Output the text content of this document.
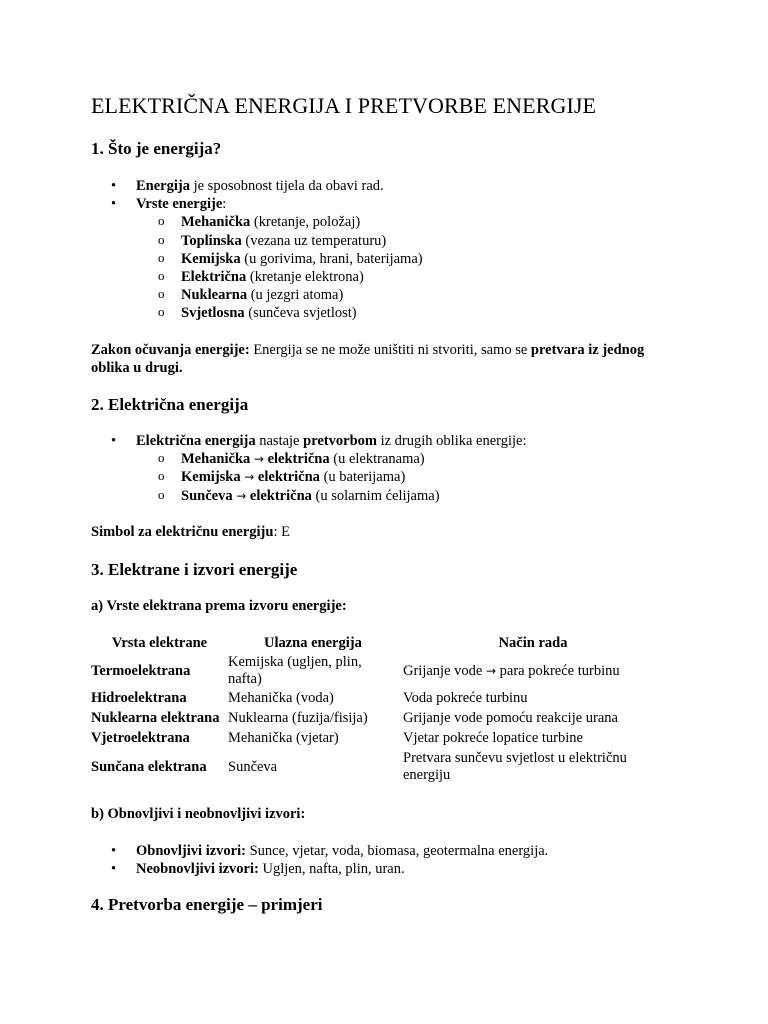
ELEKTRIČNA ENERGIJA I PRETVORBE ENERGIJE
1. Što je energija?
• Energija je sposobnost tijela da obavi rad.
• Vrste energije:
o Mehanička (kretanje, položaj)
o Toplinska (vezana uz temperaturu)
o Kemijska (u gorivima, hrani, baterijama)
o Električna (kretanje elektrona)
o Nuklearna (u jezgri atoma)
o Svjetlosna (sunčeva svjetlost)

Zakon očuvanja energije: Energija se ne može uništiti ni stvoriti, samo se pretvara iz jednog oblika u drugi.

2. Električna energija
• Električna energija nastaje pretvorbom iz drugih oblika energije:
o Mehanička → električna (u elektranama)
o Kemijska → električna (u baterijama)
o Sunčeva → električna (u solarnim ćelijama)

Simbol za električnu energiju: E

3. Elektrane i izvori energije
a) Vrste elektrana prema izvoru energije:
Vrsta elektrane	Ulazna energija	Način rada
Termoelektrana	Kemijska (ugljen, plin, nafta)	Grijanje vode → para pokreće turbinu
Hidroelektrana	Mehanička (voda)	Voda pokreće turbinu
Nuklearna elektrana	Nuklearna (fuzija/fisija)	Grijanje vode pomoću reakcije urana
Vjetroelektrana	Mehanička (vjetar)	Vjetar pokreće lopatice turbine
Sunčana elektrana	Sunčeva	Pretvara sunčevu svjetlost u električnu energiju
b) Obnovljivi i neobnovljivi izvori:
• Obnovljivi izvori: Sunce, vjetar, voda, biomasa, geotermalna energija.
• Neobnovljivi izvori: Ugljen, nafta, plin, uran.
4. Pretvorba energije – primjeri
